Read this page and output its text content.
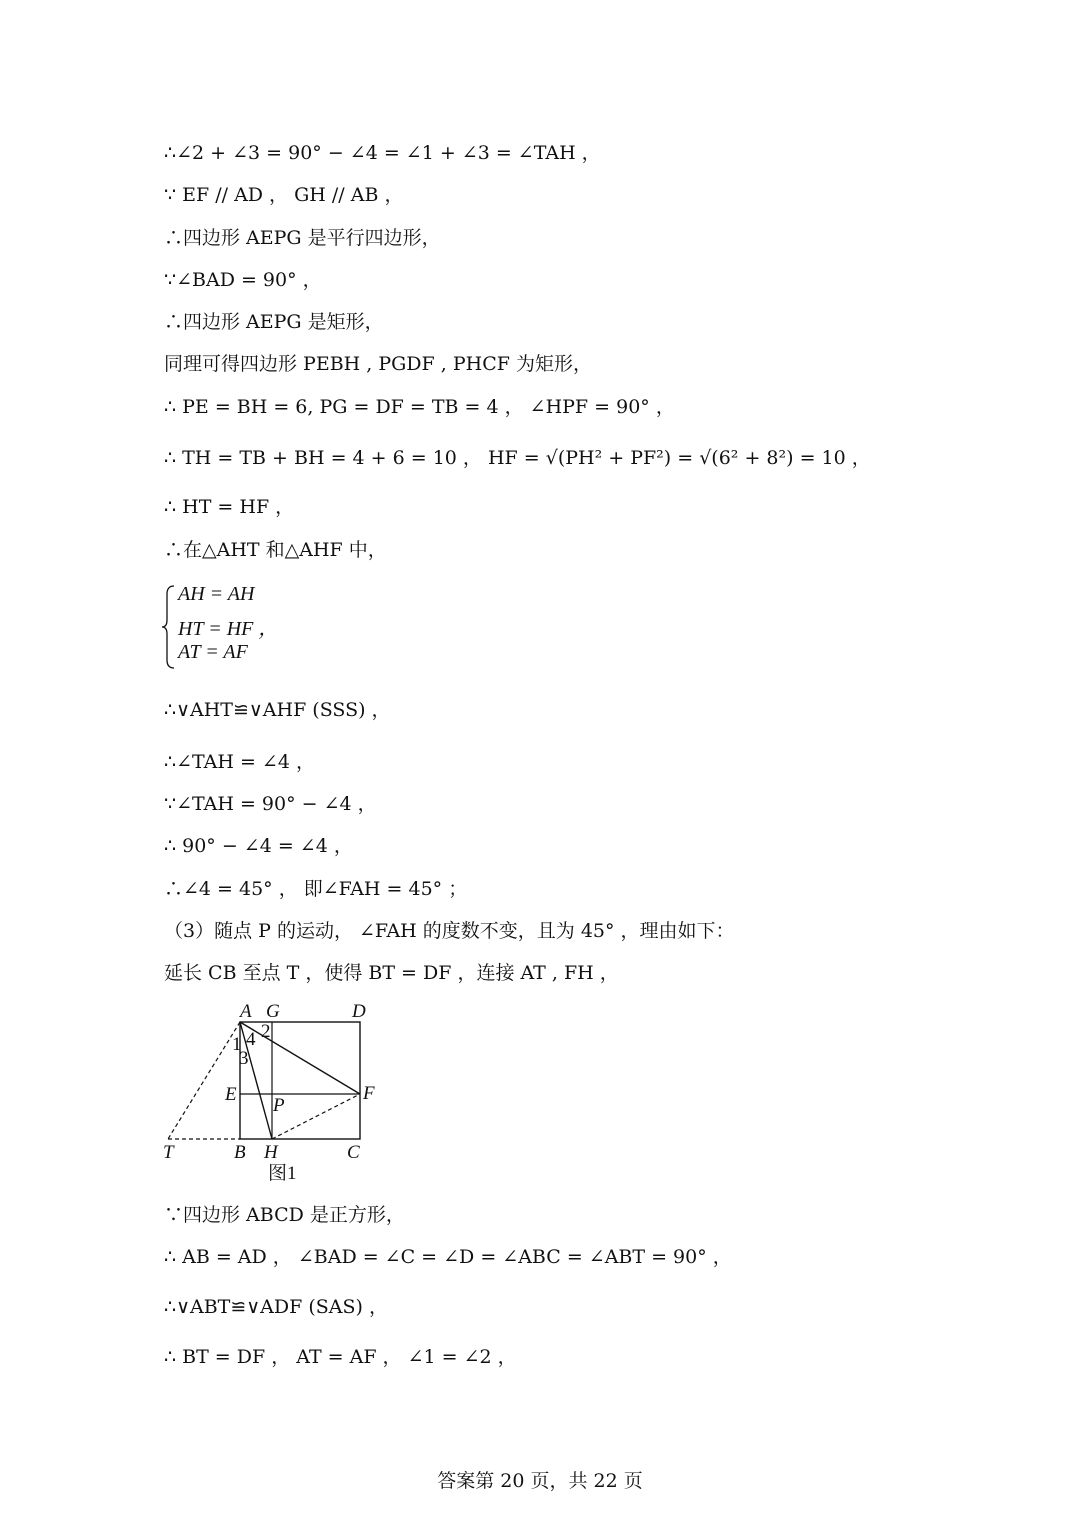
∴∠2 + ∠3 = 90° − ∠4 = ∠1 + ∠3 = ∠TAH ，
∵ EF // AD ， GH // AB ，
∴四边形 AEPG 是平行四边形，
∵∠BAD = 90° ，
∴四边形 AEPG 是矩形，
同理可得四边形 PEBH , PGDF , PHCF 为矩形，
∴ PE = BH = 6, PG = DF = TB = 4 ， ∠HPF = 90° ，
∴ TH = TB + BH = 4 + 6 = 10 ， HF = √(PH² + PF²) = √(6² + 8²) = 10 ，
∴ HT = HF ，
∴在△AHT 和△AHF 中，
AH = AH
HT = HF ，
AT = AF
∴∨AHT≌∨AHF (SSS) ，
∴∠TAH = ∠4 ，
∵∠TAH = 90° − ∠4 ，
∴ 90° − ∠4 = ∠4 ，
∴∠4 = 45° ， 即∠FAH = 45° ；
（3）随点 P 的运动， ∠FAH 的度数不变，且为 45° ，理由如下：
延长 CB 至点 T ，使得 BT = DF ，连接 AT , FH ，
A G	D
E
P
F
T	B H	C
1
2
3
4
图1
∵四边形 ABCD 是正方形，
∴ AB = AD ， ∠BAD = ∠C = ∠D = ∠ABC = ∠ABT = 90° ，
∴∨ABT≌∨ADF (SAS) ，
∴ BT = DF ， AT = AF ， ∠1 = ∠2 ，
答案第 20 页，共 22 页
